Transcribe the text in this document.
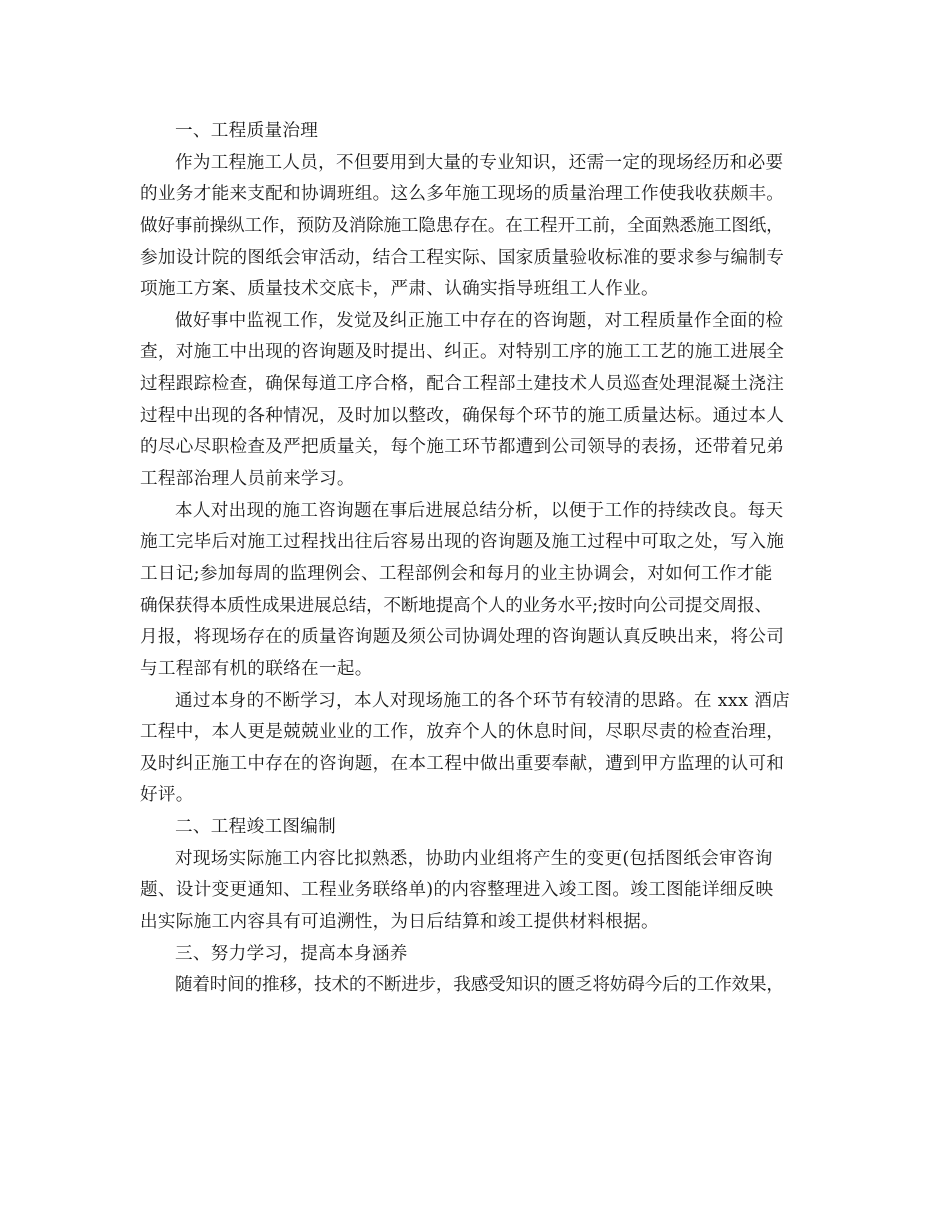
一、工程质量治理
作为工程施工人员，不但要用到大量的专业知识，还需一定的现场经历和必要
的业务才能来支配和协调班组。这么多年施工现场的质量治理工作使我收获颇丰。
做好事前操纵工作，预防及消除施工隐患存在。在工程开工前，全面熟悉施工图纸，
参加设计院的图纸会审活动，结合工程实际、国家质量验收标准的要求参与编制专
项施工方案、质量技术交底卡，严肃、认确实指导班组工人作业。
做好事中监视工作，发觉及纠正施工中存在的咨询题，对工程质量作全面的检
查，对施工中出现的咨询题及时提出、纠正。对特别工序的施工工艺的施工进展全
过程跟踪检查，确保每道工序合格，配合工程部土建技术人员巡查处理混凝土浇注
过程中出现的各种情况，及时加以整改，确保每个环节的施工质量达标。通过本人
的尽心尽职检查及严把质量关，每个施工环节都遭到公司领导的表扬，还带着兄弟
工程部治理人员前来学习。
本人对出现的施工咨询题在事后进展总结分析，以便于工作的持续改良。每天
施工完毕后对施工过程找出往后容易出现的咨询题及施工过程中可取之处，写入施
工日记;参加每周的监理例会、工程部例会和每月的业主协调会，对如何工作才能
确保获得本质性成果进展总结，不断地提高个人的业务水平;按时向公司提交周报、
月报，将现场存在的质量咨询题及须公司协调处理的咨询题认真反映出来，将公司
与工程部有机的联络在一起。
通过本身的不断学习，本人对现场施工的各个环节有较清的思路。在 xxx 酒店
工程中，本人更是兢兢业业的工作，放弃个人的休息时间，尽职尽责的检查治理，
及时纠正施工中存在的咨询题，在本工程中做出重要奉献，遭到甲方监理的认可和
好评。
二、工程竣工图编制
对现场实际施工内容比拟熟悉，协助内业组将产生的变更(包括图纸会审咨询
题、设计变更通知、工程业务联络单)的内容整理进入竣工图。竣工图能详细反映
出实际施工内容具有可追溯性，为日后结算和竣工提供材料根据。
三、努力学习，提高本身涵养
随着时间的推移，技术的不断进步，我感受知识的匮乏将妨碍今后的工作效果，
